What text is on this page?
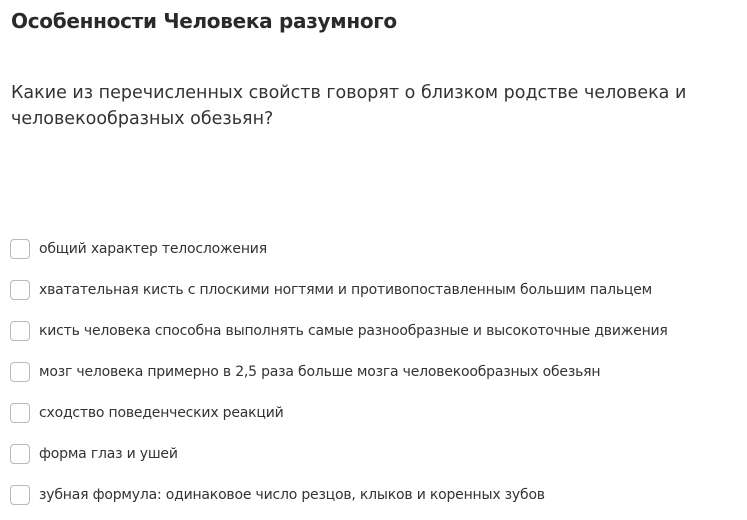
Особенности Человека разумного
Какие из перечисленных свойств говорят о близком родстве человека и
человекообразных обезьян?
общий характер телосложения
хватательная кисть с плоскими ногтями и противопоставленным большим пальцем
кисть человека способна выполнять самые разнообразные и высокоточные движения
мозг человека примерно в 2,5 раза больше мозга человекообразных обезьян
сходство поведенческих реакций
форма глаз и ушей
зубная формула: одинаковое число резцов, клыков и коренных зубов
